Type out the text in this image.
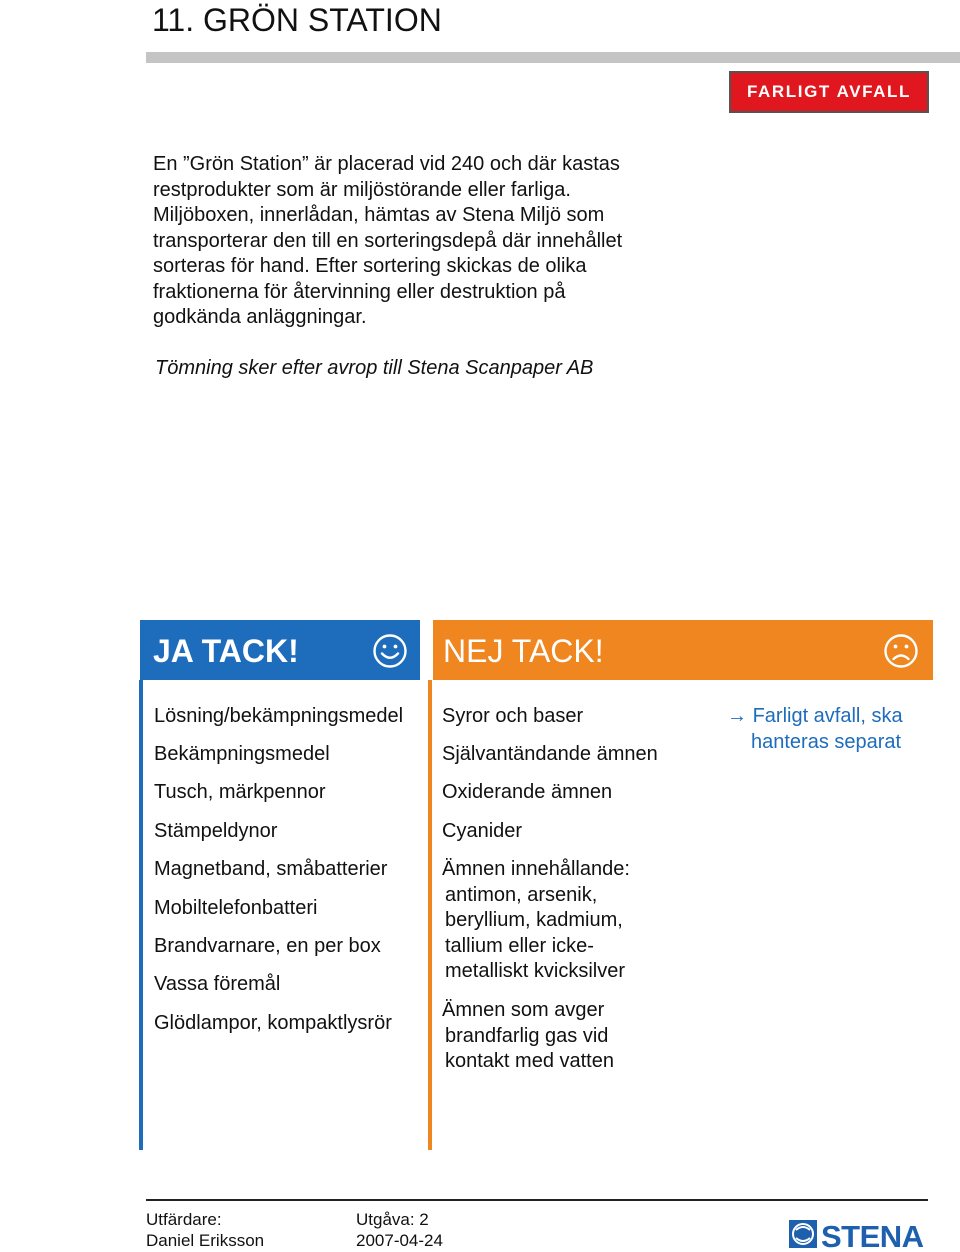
11. GRÖN STATION
FARLIGT AVFALL

En ”Grön Station” är placerad vid 240 och där kastas

restprodukter som är miljöstörande eller farliga.

Miljöboxen, innerlådan, hämtas av Stena Miljö som

transporterar den till en sorteringsdepå där innehållet

sorteras för hand. Efter sortering skickas de olika

fraktionerna för återvinning eller destruktion på

godkända anläggningar.

Tömning sker efter avrop till Stena Scanpaper AB
JA TACK!	NEJ TACK!
Lösning/bekämpningsmedel
Bekämpningsmedel
Tusch, märkpennor
Stämpeldynor
Magnetband, småbatterier
Mobiltelefonbatteri
Brandvarnare, en per box
Vassa föremål
Glödlampor, kompaktlysrör
Syror och baser
Självantändande ämnen
Oxiderande ämnen
Cyanider
Ämnen innehållande:
antimon, arsenik,
beryllium, kadmium,
tallium eller icke-
metalliskt kvicksilver
Ämnen som avger
brandfarlig gas vid
kontakt med vatten
→ Farligt avfall, ska
hanteras separat
Utfärdare:
Daniel Eriksson
Utgåva: 2
2007-04-24	STENA
